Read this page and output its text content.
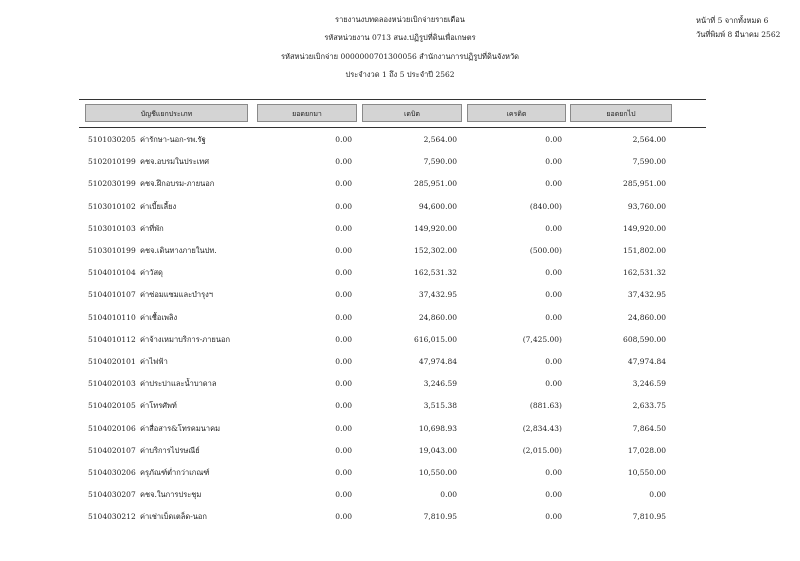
รายงานงบทดลองหน่วยเบิกจ่ายรายเดือน
รหัสหน่วยงาน 0713 สนง.ปฏิรูปที่ดินเพื่อเกษตร
รหัสหน่วยเบิกจ่าย 0000000701300056 สำนักงานการปฏิรูปที่ดินจังหวัด
ประจำงวด 1 ถึง 5 ประจำปี 2562
หน้าที่ 5 จากทั้งหมด 6
วันที่พิมพ์ 8 มีนาคม 2562
บัญชีแยกประเภท	ยอดยกมา	เดบิต	เครดิต	ยอดยกไป
5101030205 ค่ารักษา-นอก-รพ.รัฐ	0.00	2,564.00	0.00	2,564.00
5102010199 คชจ.อบรมในประเทศ	0.00	7,590.00	0.00	7,590.00
5102030199 คชจ.ฝึกอบรม-ภายนอก	0.00	285,951.00	0.00	285,951.00
5103010102 ค่าเบี้ยเลี้ยง	0.00	94,600.00	(840.00)	93,760.00
5103010103 ค่าที่พัก	0.00	149,920.00	0.00	149,920.00
5103010199 คชจ.เดินทางภายในปท.	0.00	152,302.00	(500.00)	151,802.00
5104010104 ค่าวัสดุ	0.00	162,531.32	0.00	162,531.32
5104010107 ค่าซ่อมแซมและบำรุงฯ	0.00	37,432.95	0.00	37,432.95
5104010110 ค่าเชื้อเพลิง	0.00	24,860.00	0.00	24,860.00
5104010112 ค่าจ้างเหมาบริการ-ภายนอก	0.00	616,015.00	(7,425.00)	608,590.00
5104020101 ค่าไฟฟ้า	0.00	47,974.84	0.00	47,974.84
5104020103 ค่าประปาและน้ำบาดาล	0.00	3,246.59	0.00	3,246.59
5104020105 ค่าโทรศัพท์	0.00	3,515.38	(881.63)	2,633.75
5104020106 ค่าสื่อสาร&โทรคมนาคม	0.00	10,698.93	(2,834.43)	7,864.50
5104020107 ค่าบริการไปรษณีย์	0.00	19,043.00	(2,015.00)	17,028.00
5104030206 ครุภัณฑ์ต่ำกว่าเกณฑ์	0.00	10,550.00	0.00	10,550.00
5104030207 คชจ.ในการประชุม	0.00	0.00	0.00	0.00
5104030212 ค่าเช่าเบ็ดเตล็ด-นอก	0.00	7,810.95	0.00	7,810.95
